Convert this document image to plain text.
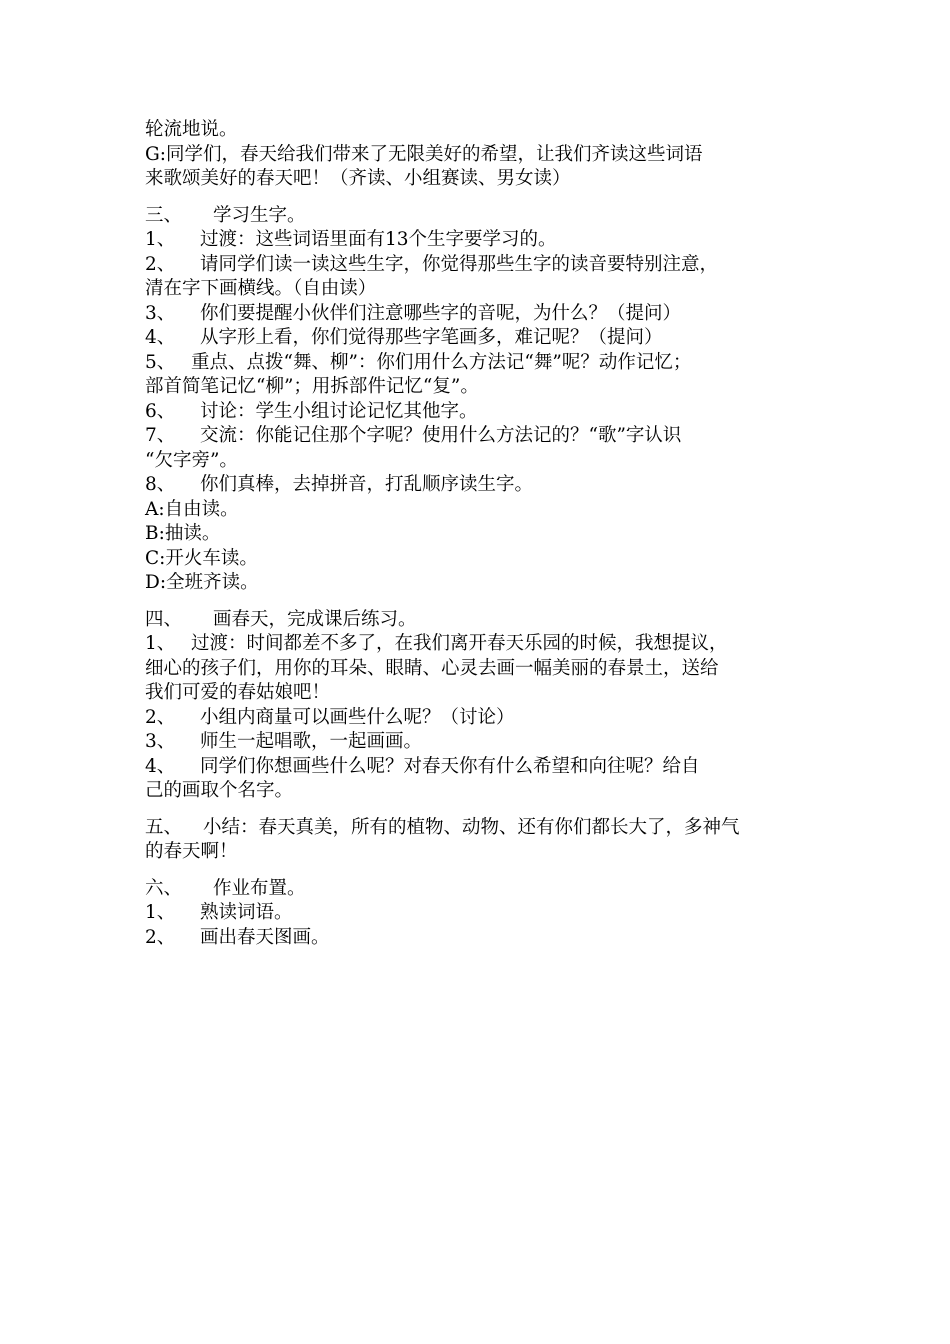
轮流地说。
G:同学们，春天给我们带来了无限美好的希望，让我们齐读这些词语
来歌颂美好的春天吧！（齐读、小组赛读、男女读）
三、 学习生字。
1、 过渡：这些词语里面有13个生字要学习的。
2、 请同学们读一读这些生字，你觉得那些生字的读音要特别注意，
清在字下画横线。（自由读）
3、 你们要提醒小伙伴们注意哪些字的音呢，为什么？（提问）
4、 从字形上看，你们觉得那些字笔画多，难记呢？（提问）
5、 重点、点拨“舞、柳”：你们用什么方法记“舞”呢？动作记忆；
部首简笔记忆“柳”；用拆部件记忆“复”。
6、 讨论：学生小组讨论记忆其他字。
7、 交流：你能记住那个字呢？使用什么方法记的？“歌”字认识
“欠字旁”。
8、 你们真棒，去掉拼音，打乱顺序读生字。
A:自由读。
B:抽读。
C:开火车读。
D:全班齐读。
四、 画春天，完成课后练习。
1、 过渡：时间都差不多了，在我们离开春天乐园的时候，我想提议，
细心的孩子们，用你的耳朵、眼睛、心灵去画一幅美丽的春景土，送给
我们可爱的春姑娘吧！
2、 小组内商量可以画些什么呢？（讨论）
3、 师生一起唱歌，一起画画。
4、 同学们你想画些什么呢？对春天你有什么希望和向往呢？给自
己的画取个名字。
五、 小结：春天真美，所有的植物、动物、还有你们都长大了，多神气
的春天啊！
六、 作业布置。
1、 熟读词语。
2、 画出春天图画。
